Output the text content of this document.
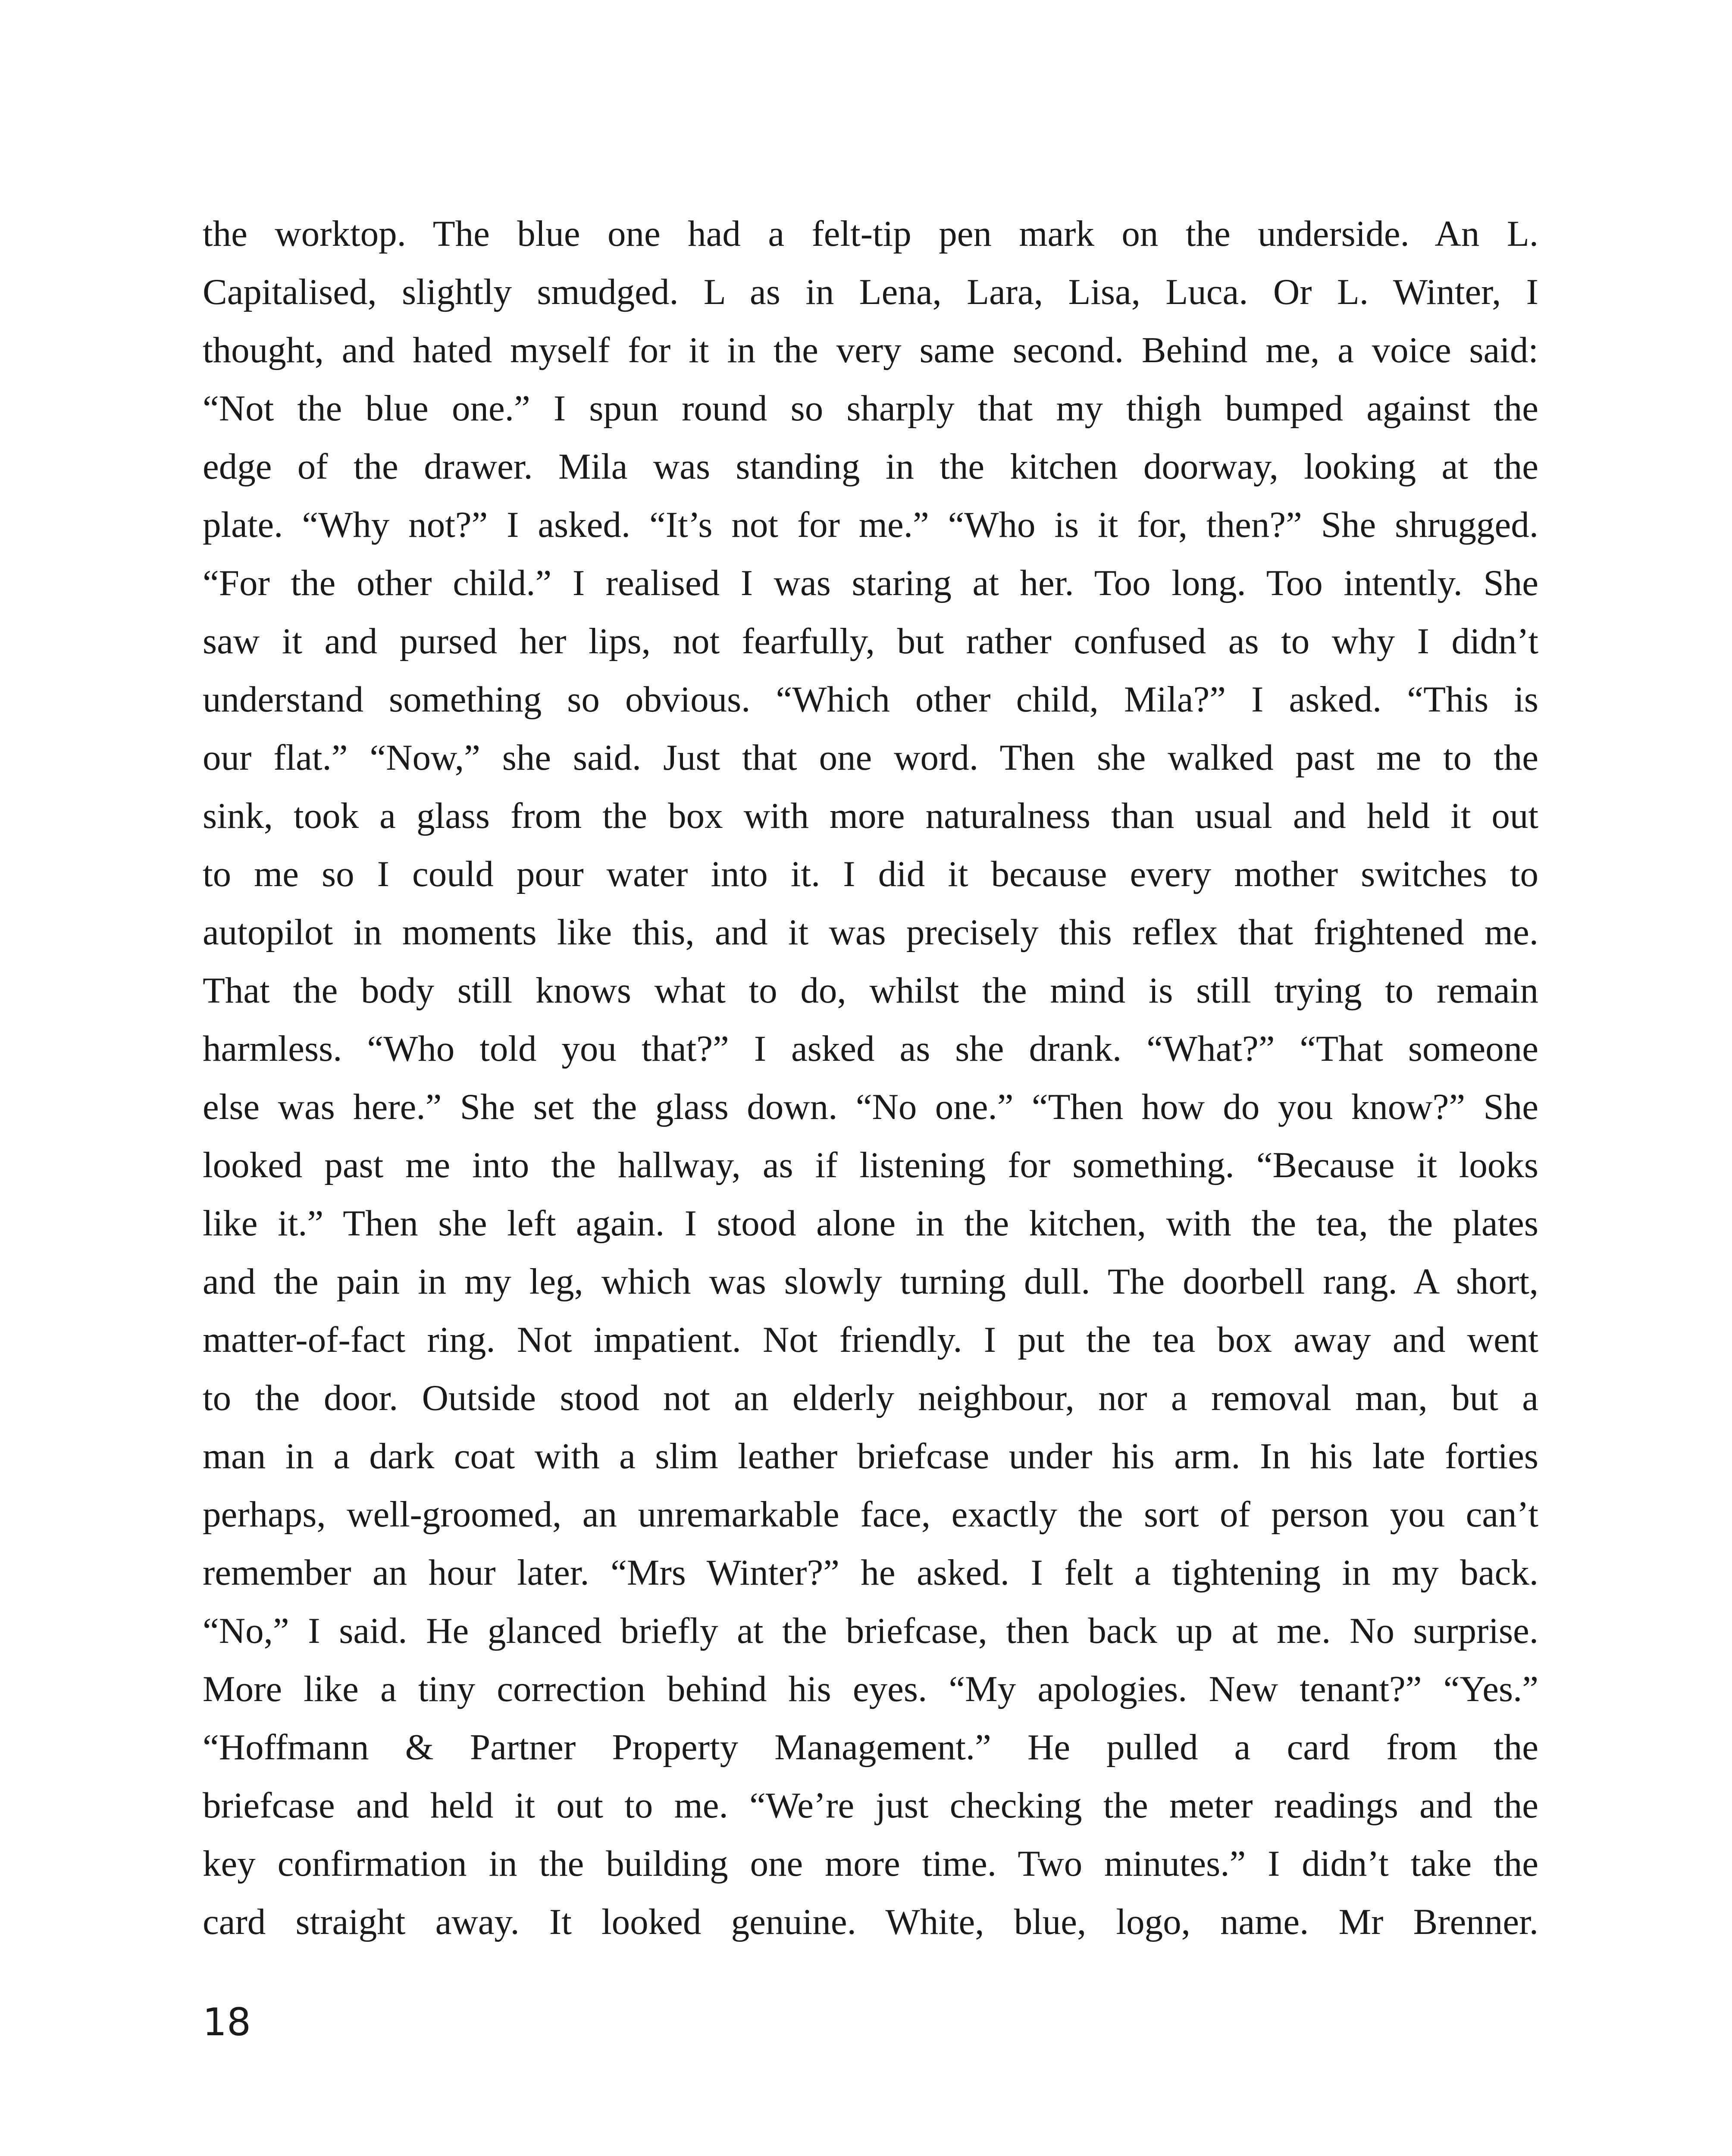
the worktop. The blue one had a felt-tip pen mark on the underside. An L.
Capitalised, slightly smudged. L as in Lena, Lara, Lisa, Luca. Or L. Winter, I
thought, and hated myself for it in the very same second. Behind me, a voice said:
“Not the blue one.” I spun round so sharply that my thigh bumped against the
edge of the drawer. Mila was standing in the kitchen doorway, looking at the
plate. “Why not?” I asked. “It’s not for me.” “Who is it for, then?” She shrugged.
“For the other child.” I realised I was staring at her. Too long. Too intently. She
saw it and pursed her lips, not fearfully, but rather confused as to why I didn’t
understand something so obvious. “Which other child, Mila?” I asked. “This is
our flat.” “Now,” she said. Just that one word. Then she walked past me to the
sink, took a glass from the box with more naturalness than usual and held it out
to me so I could pour water into it. I did it because every mother switches to
autopilot in moments like this, and it was precisely this reflex that frightened me.
That the body still knows what to do, whilst the mind is still trying to remain
harmless. “Who told you that?” I asked as she drank. “What?” “That someone
else was here.” She set the glass down. “No one.” “Then how do you know?” She
looked past me into the hallway, as if listening for something. “Because it looks
like it.” Then she left again. I stood alone in the kitchen, with the tea, the plates
and the pain in my leg, which was slowly turning dull. The doorbell rang. A short,
matter-of-fact ring. Not impatient. Not friendly. I put the tea box away and went
to the door. Outside stood not an elderly neighbour, nor a removal man, but a
man in a dark coat with a slim leather briefcase under his arm. In his late forties
perhaps, well-groomed, an unremarkable face, exactly the sort of person you can’t
remember an hour later. “Mrs Winter?” he asked. I felt a tightening in my back.
“No,” I said. He glanced briefly at the briefcase, then back up at me. No surprise.
More like a tiny correction behind his eyes. “My apologies. New tenant?” “Yes.”
“Hoffmann & Partner Property Management.” He pulled a card from the
briefcase and held it out to me. “We’re just checking the meter readings and the
key confirmation in the building one more time. Two minutes.” I didn’t take the
card straight away. It looked genuine. White, blue, logo, name. Mr Brenner.

18
